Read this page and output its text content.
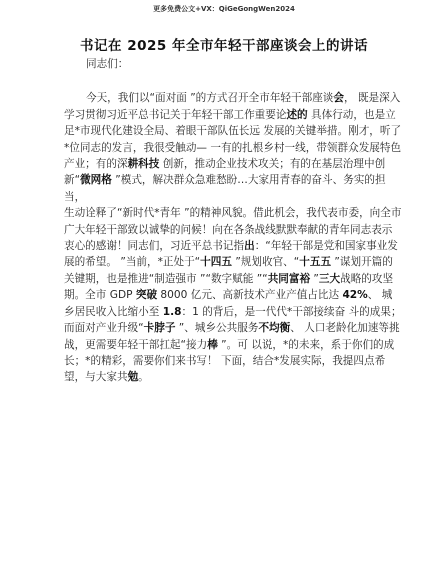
更多免费公文+VX：QiGeGongWen2024
书记在 2025 年全市年轻干部座谈会上的讲话

同志们：

今天，我们以“面对面 ”的方式召开全市年轻干部座谈会， 既是深入学习贯彻习近平总书记关于年轻干部工作重要论述的 具体行动，也是立足*市现代化建设全局、着眼干部队伍长远 发展的关键举措。刚才，听了*位同志的发言，我很受触动— 一有的扎根乡村一线，带领群众发展特色产业；有的深耕科技 创新，推动企业技术攻关；有的在基层治理中创新“微网格 ”模式，解决群众急难愁盼…大家用青春的奋斗、务实的担当，

生动诠释了“新时代*青年 ”的精神风貌。借此机会，我代表市委，向全市广大年轻干部致以诚挚的问候！向在各条战线默默奉献的青年同志表示衷心的感谢！同志们，习近平总书记指出：“年轻干部是党和国家事业发展的希望。 ”当前，*正处于“十四五 ”规划收官、“十五五 ”谋划开篇的关键期，也是推进“制造强市 ”“数字赋能 ”“共同富裕 ”三大战略的攻坚期。全市 GDP 突破 8000 亿元、高新技术产业产值占比达 42%、 城乡居民收入比缩小至 1.8：1 的背后，是一代代*干部接续奋 斗的成果；而面对产业升级“卡脖子 ”、城乡公共服务不均衡、 人口老龄化加速等挑战，更需要年轻干部扛起“接力棒 ”。可 以说，*的未来，系于你们的成长；*的精彩，需要你们来书写！ 下面，结合*发展实际，我提四点希望，与大家共勉。
